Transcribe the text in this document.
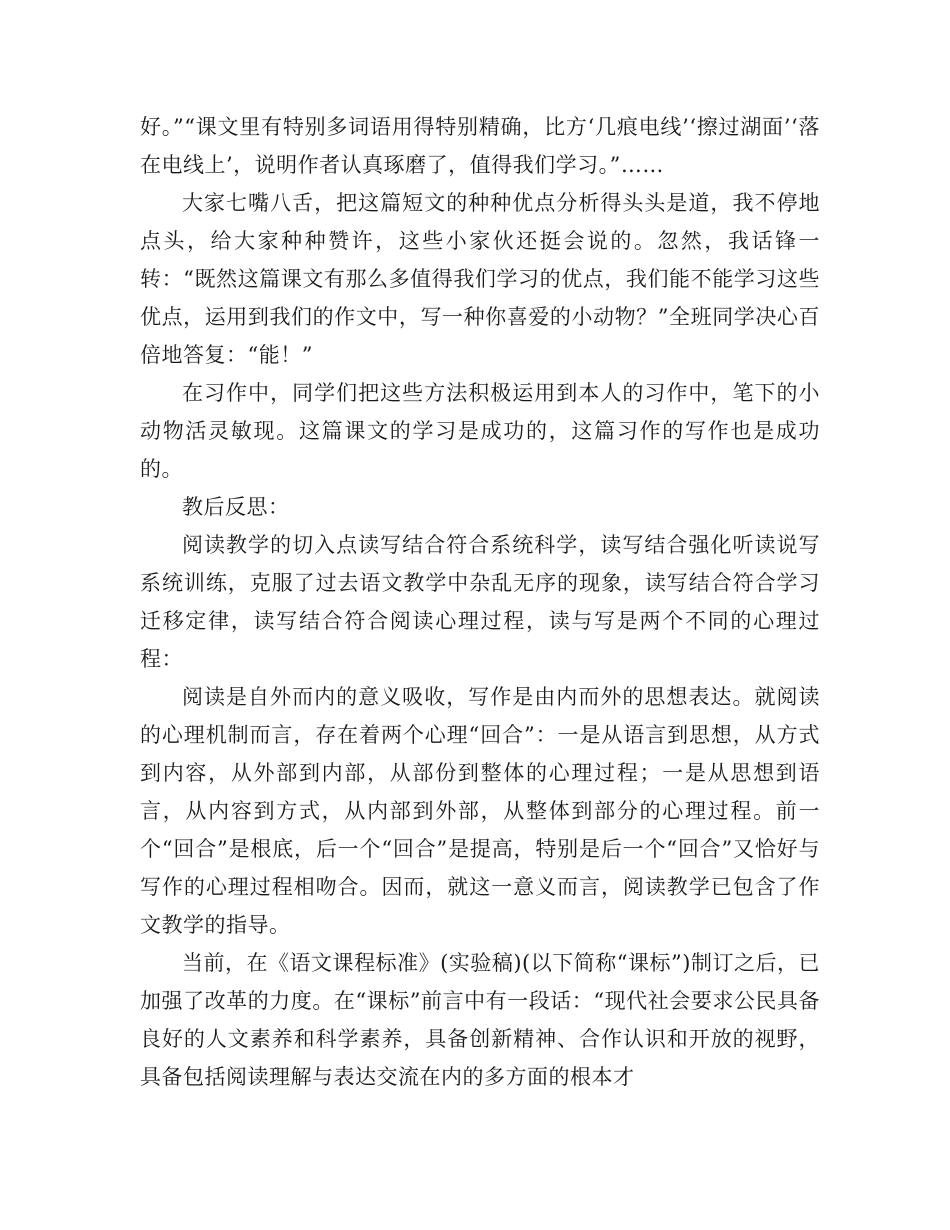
好。”“课文里有特别多词语用得特别精确，比方‘几痕电线’‘擦过湖面’‘落在电线上’，说明作者认真琢磨了，值得我们学习。”……

大家七嘴八舌，把这篇短文的种种优点分析得头头是道，我不停地点头，给大家种种赞许，这些小家伙还挺会说的。忽然，我话锋一转：“既然这篇课文有那么多值得我们学习的优点，我们能不能学习这些优点，运用到我们的作文中，写一种你喜爱的小动物？”全班同学决心百倍地答复：“能！”

在习作中，同学们把这些方法积极运用到本人的习作中，笔下的小动物活灵敏现。这篇课文的学习是成功的，这篇习作的写作也是成功的。

教后反思：

阅读教学的切入点读写结合符合系统科学，读写结合强化听读说写系统训练，克服了过去语文教学中杂乱无序的现象，读写结合符合学习迁移定律，读写结合符合阅读心理过程，读与写是两个不同的心理过程：

阅读是自外而内的意义吸收，写作是由内而外的思想表达。就阅读的心理机制而言，存在着两个心理“回合”：一是从语言到思想，从方式到内容，从外部到内部，从部份到整体的心理过程；一是从思想到语言，从内容到方式，从内部到外部，从整体到部分的心理过程。前一个“回合”是根底，后一个“回合”是提高，特别是后一个“回合”又恰好与写作的心理过程相吻合。因而，就这一意义而言，阅读教学已包含了作文教学的指导。

当前，在《语文课程标准》(实验稿)(以下简称“课标”)制订之后，已加强了改革的力度。在“课标”前言中有一段话：“现代社会要求公民具备良好的人文素养和科学素养，具备创新精神、合作认识和开放的视野，具备包括阅读理解与表达交流在内的多方面的根本才
